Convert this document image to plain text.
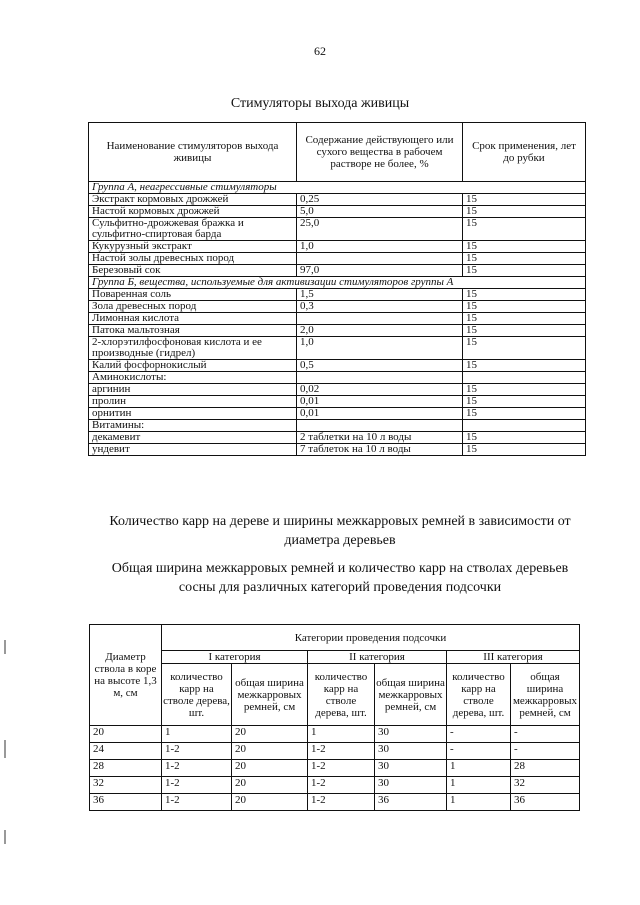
62
Стимуляторы выхода живицы
Наименование стимуляторов выхода живицы	Содержание действующего или сухого вещества в рабочем растворе не более, %	Срок применения, лет до рубки
Группа А, неагрессивные стимуляторы		
Экстракт кормовых дрожжей	0,25	15
Настой кормовых дрожжей	5,0	15
Сульфитно-дрожжевая бражка и сульфитно-спиртовая барда	25,0	15
Кукурузный экстракт	1,0	15
Настой золы древесных пород		15
Березовый сок	97,0	15
Группа Б, вещества, используемые для активизации стимуляторов группы А		
Поваренная соль	1,5	15
Зола древесных пород	0,3	15
Лимонная кислота		15
Патока мальтозная	2,0	15
2-хлорэтилфосфоновая кислота и ее производные (гидрел)	1,0	15
Калий фосфорнокислый	0,5	15
Аминокислоты:		
аргинин	0,02	15
пролин	0,01	15
орнитин	0,01	15
Витамины:		
декамевит	2 таблетки на 10 л воды	15
ундевит	7 таблеток на 10 л воды	15
Количество карр на дереве и ширины межкарровых ремней в зависимости от диаметра деревьев
Общая ширина межкарровых ремней и количество карр на стволах деревьев сосны для различных категорий проведения подсочки
Диаметр ствола в коре на высоте 1,3 м, см	Категории проведения подсочки					
	I категория		II категория		III категория	
	количество карр на стволе дерева, шт.	общая ширина межкарровых ремней, см	количество карр на стволе дерева, шт.	общая ширина межкарровых ремней, см	количество карр на стволе дерева, шт.	общая ширина межкарровых ремней, см
20	1	20	1	30	-	-
24	1-2	20	1-2	30	-	-
28	1-2	20	1-2	30	1	28
32	1-2	20	1-2	30	1	32
36	1-2	20	1-2	36	1	36
